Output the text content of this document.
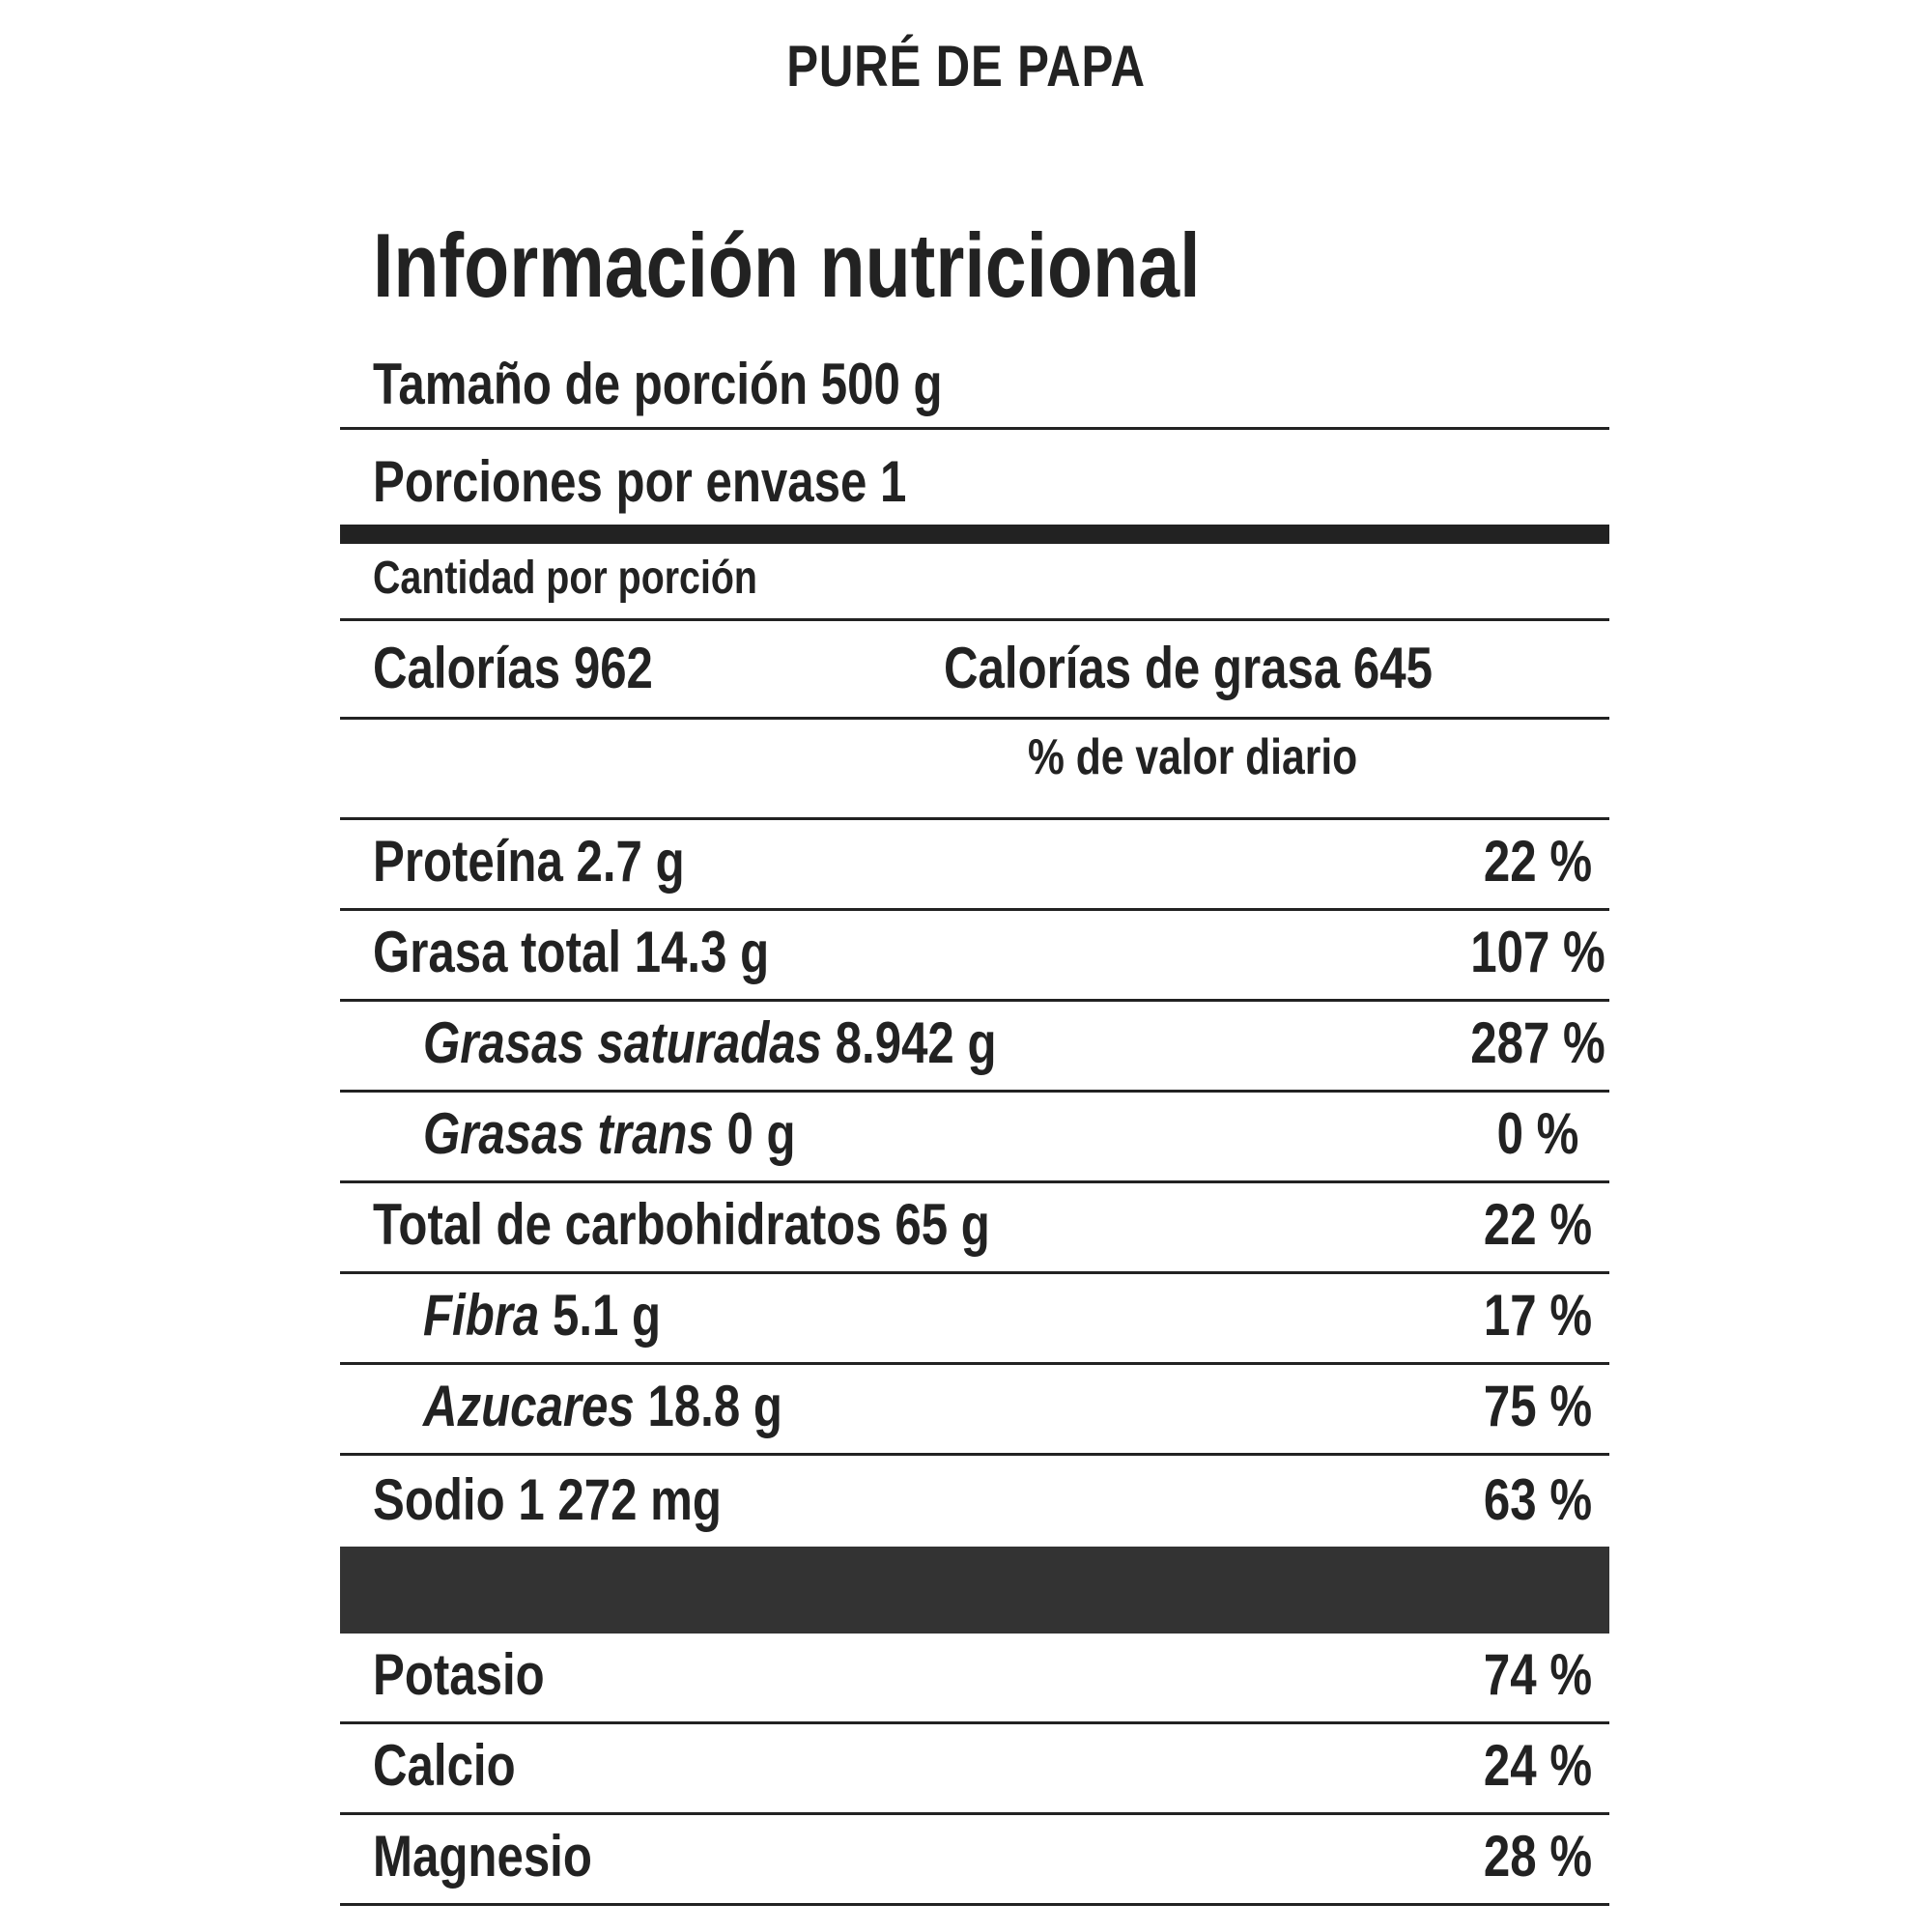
PURÉ DE PAPA
Información nutricional
Tamaño de porción 500 g
Porciones por envase 1
Cantidad por porción
Calorías 962	Calorías de grasa 645
% de valor diario
Proteína 2.7 g	22 %
Grasa total 14.3 g	107 %
Grasas saturadas 8.942 g	287 %
Grasas trans 0 g	0 %
Total de carbohidratos 65 g	22 %
Fibra 5.1 g	17 %
Azucares 18.8 g	75 %
Sodio 1 272 mg	63 %
Potasio	74 %
Calcio	24 %
Magnesio	28 %
